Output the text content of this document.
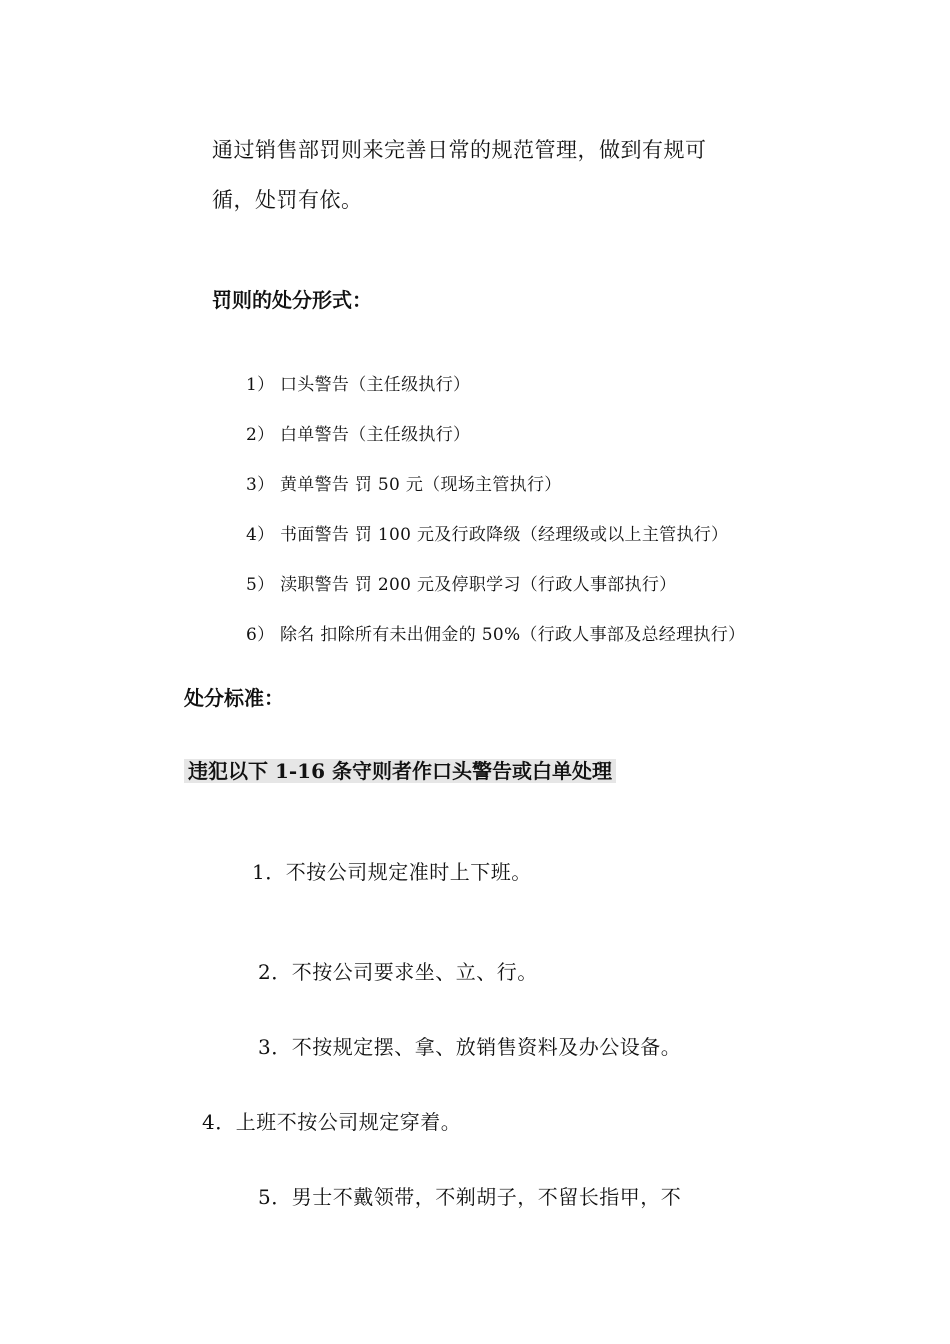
通过销售部罚则来完善日常的规范管理，做到有规可
循，处罚有依。
罚则的处分形式：
1） 口头警告（主任级执行）
2） 白单警告（主任级执行）
3） 黄单警告 罚 50 元（现场主管执行）
4） 书面警告 罚 100 元及行政降级（经理级或以上主管执行）
5） 渎职警告 罚 200 元及停职学习（行政人事部执行）
6） 除名 扣除所有未出佣金的 50%（行政人事部及总经理执行）
处分标准：
违犯以下 1-16 条守则者作口头警告或白单处理
1．不按公司规定准时上下班。
2．不按公司要求坐、立、行。
3．不按规定摆、拿、放销售资料及办公设备。
4．上班不按公司规定穿着。
5．男士不戴领带，不剃胡子，不留长指甲，不
